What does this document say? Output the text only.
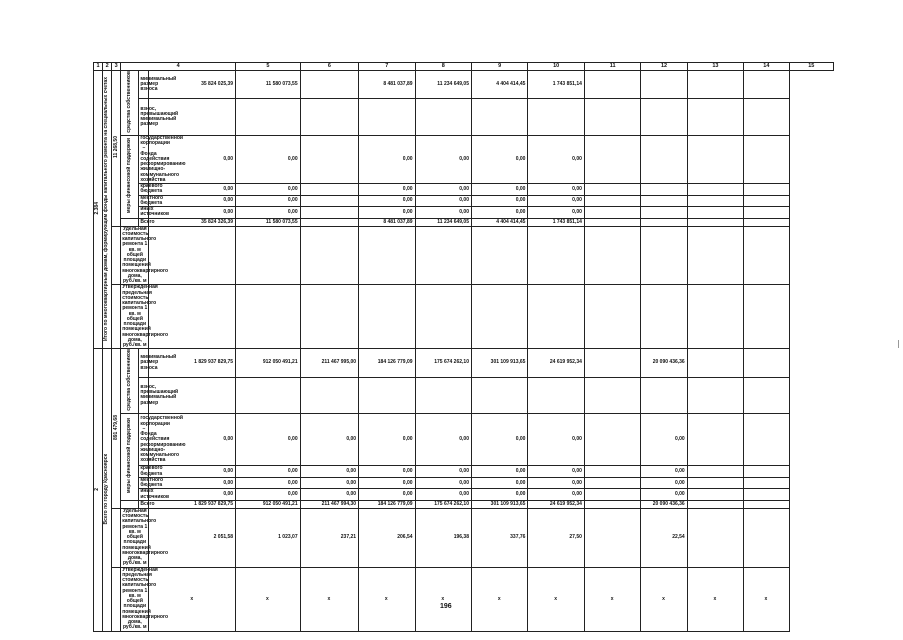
1	2	3	4			5	6	7	8	9	10	11	12	13	14	15
2.384	Итого по многоквартирным домам, формирующим фонды капитального ремонта на специальных счетах	11 268,50	средства собственников	минимальный размер взноса	35 824 025,39	11 580 073,55		8 481 037,89	11 234 649,05	4 404 414,45	1 743 851,14					
				взнос, превышающий минимальный размер												
			меры финансовой поддержки	государственной корпорации – Фонда содействия реформированию жилищно-коммунального хозяйства	0,00	0,00		0,00	0,00	0,00	0,00					
				краевого бюджета	0,00	0,00		0,00	0,00	0,00	0,00					
				местного бюджета	0,00	0,00		0,00	0,00	0,00	0,00					
				иных источников	0,00	0,00		0,00	0,00	0,00	0,00					
				Всего	35 824 326,39	11 580 073,55		8 481 037,89	11 234 649,05	4 404 414,45	1 743 851,14					
			Удельная стоимость капитального ремонта 1 кв. м общей площади помещений многоквартирного дома, руб./кв. м													
			Утвержденная предельная стоимость капитального ремонта 1 кв. м общей площади помещений многоквартирного дома, руб./кв. м													
2	Всего по городу Красноярск	891 479,68	средства собственников	минимальный размер взноса	1 829 937 829,75	912 050 491,21	211 467 995,00	184 126 779,09	175 674 262,10	301 109 913,65	24 619 952,34		20 090 436,36			
				взнос, превышающий минимальный размер												
			меры финансовой поддержки	государственной корпорации – Фонда содействия реформированию жилищно-коммунального хозяйства	0,00	0,00	0,00	0,00	0,00	0,00	0,00		0,00			
				краевого бюджета	0,00	0,00	0,00	0,00	0,00	0,00	0,00		0,00			
				местного бюджета	0,00	0,00	0,00	0,00	0,00	0,00	0,00		0,00			
				иных источников	0,00	0,00	0,00	0,00	0,00	0,00	0,00		0,00			
				Всего	1 829 937 829,75	912 050 491,21	211 467 994,30	184 126 779,09	175 674 262,10	301 109 913,65	24 619 952,34		20 090 436,36			
			Удельная стоимость капитального ремонта 1 кв. м общей площади помещений многоквартирного дома, руб./кв. м		2 051,58	1 023,07	237,21	206,54	196,38	337,76	27,50		22,54			
			Утвержденная предельная стоимость капитального ремонта 1 кв. м общей площади помещений многоквартирного дома, руб./кв. м		x	x	x	x	x	x	x	x	x	x	x	
196
